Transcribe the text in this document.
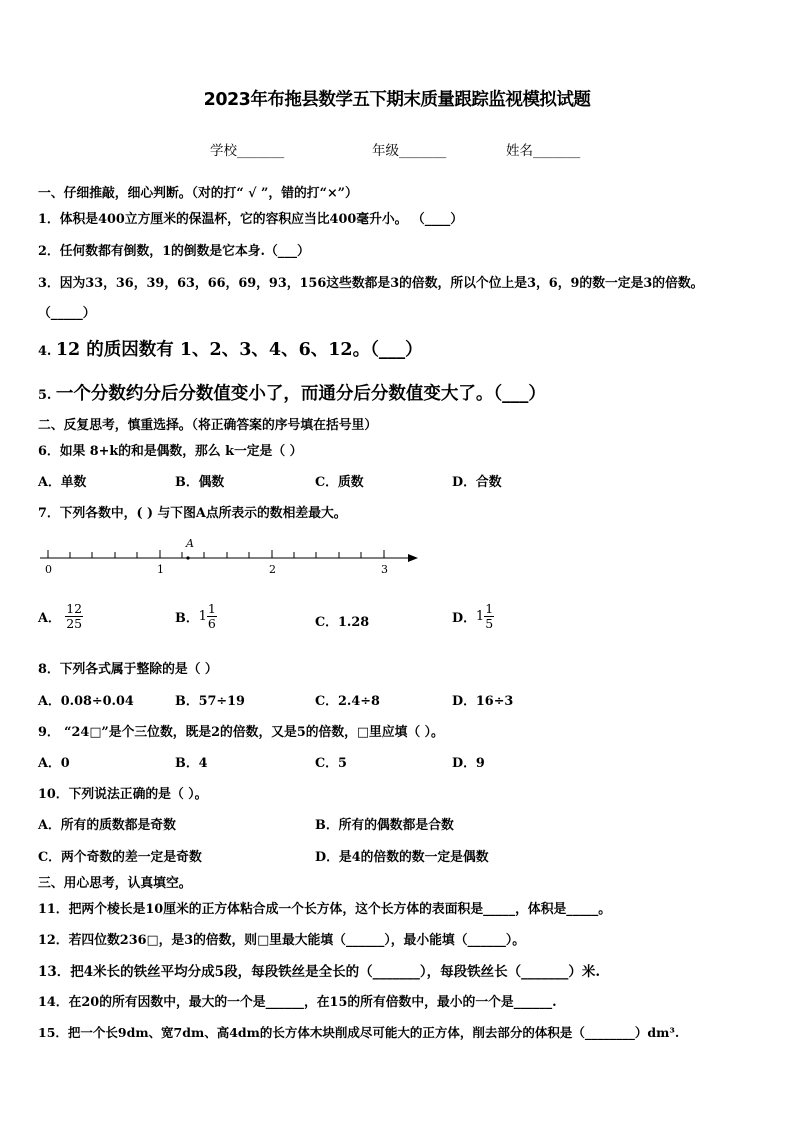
2023年布拖县数学五下期末质量跟踪监视模拟试题
学校_______	年级_______	姓名_______
一、仔细推敲，细心判断。（对的打“ √ ”，错的打“×”）
1．体积是400立方厘米的保温杯，它的容积应当比400毫升小。 （____）
2．任何数都有倒数，1的倒数是它本身.（___）
3．因为33，36，39，63，66，69，93，156这些数都是3的倍数，所以个位上是3，6，9的数一定是3的倍数。
（_____）
4. 12 的质因数有 1、2、3、4、6、12。（___）
5. 一个分数约分后分数值变小了，而通分后分数值变大了。（___）
二、反复思考，慎重选择。（将正确答案的序号填在括号里）
6．如果 8+k的和是偶数，那么 k一定是（ ）
A．单数	B．偶数	C．质数	D．合数
7．下列各数中，( ) 与下图A点所表示的数相差最大。
A
0	1	2	3
A． $\frac{12}{25}$	B．$1 \frac{1}{6}$	C．1.28	D．$1 \frac{1}{5}$
8．下列各式属于整除的是（ ）
A．0.08÷0.04	B．57÷19	C．2.4÷8	D．16÷3
9． “24□”是个三位数，既是2的倍数，又是5的倍数，□里应填（ ）。
A．0	B．4	C．5	D．9
10．下列说法正确的是（ ）。
A．所有的质数都是奇数	B．所有的偶数都是合数
C．两个奇数的差一定是奇数	D．是4的倍数的数一定是偶数
三、用心思考，认真填空。
11．把两个棱长是10厘米的正方体粘合成一个长方体，这个长方体的表面积是_____，体积是_____。
12．若四位数236□，是3的倍数，则□里最大能填（______），最小能填（______）。
13．把4米长的铁丝平均分成5段，每段铁丝是全长的（_______），每段铁丝长（_______）米.
14．在20的所有因数中，最大的一个是______，在15的所有倍数中，最小的一个是______.
15．把一个长9dm、宽7dm、高4dm的长方体木块削成尽可能大的正方体，削去部分的体积是（________）dm³.
